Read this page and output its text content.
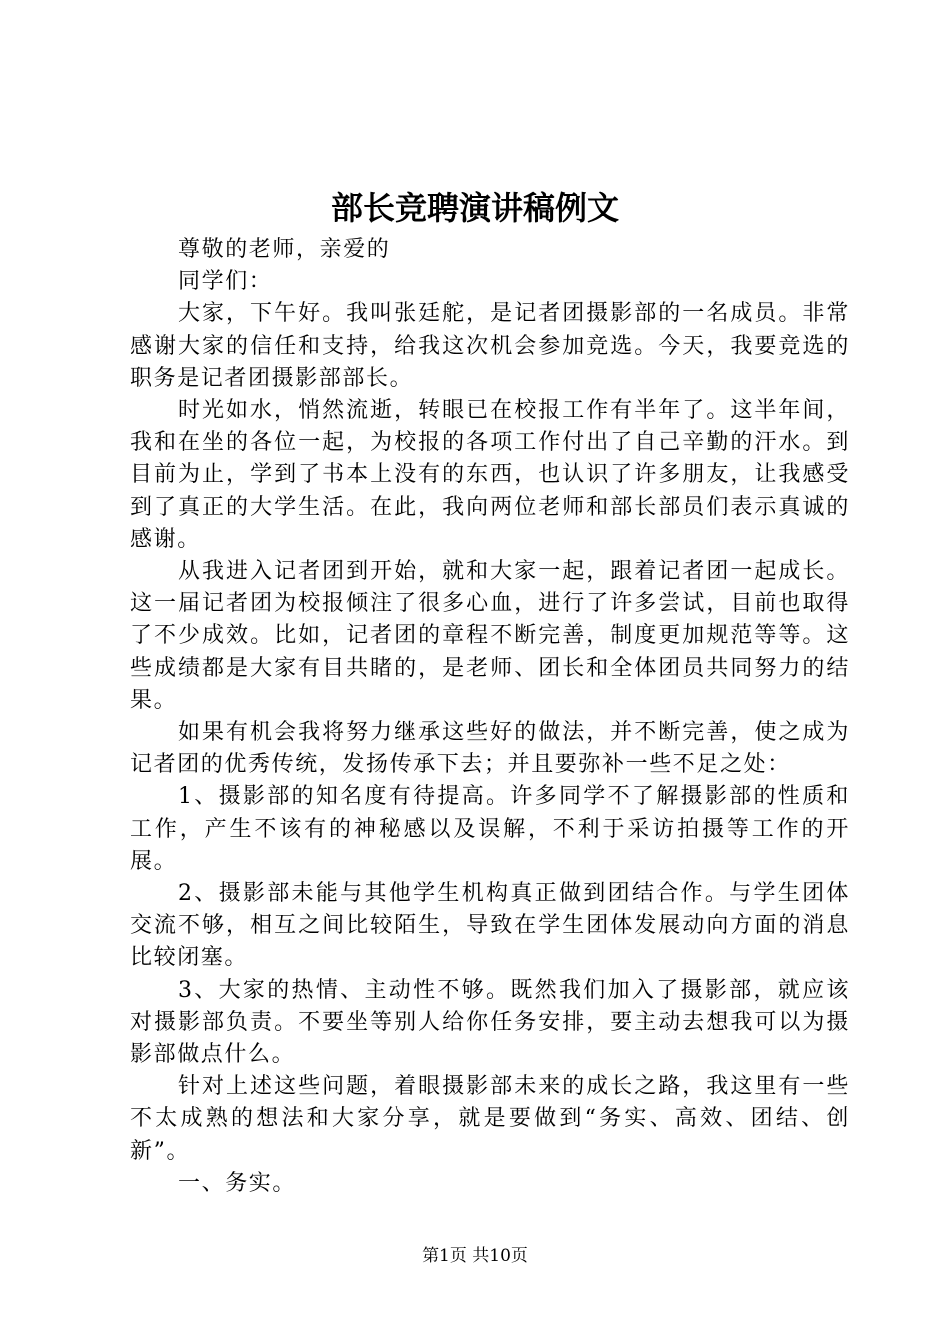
部长竞聘演讲稿例文

尊敬的老师，亲爱的

同学们：

大家，下午好。我叫张廷舵，是记者团摄影部的一名成员。非常感谢大家的信任和支持，给我这次机会参加竞选。今天，我要竞选的职务是记者团摄影部部长。

时光如水，悄然流逝，转眼已在校报工作有半年了。这半年间，我和在坐的各位一起，为校报的各项工作付出了自己辛勤的汗水。到目前为止，学到了书本上没有的东西，也认识了许多朋友，让我感受到了真正的大学生活。在此，我向两位老师和部长部员们表示真诚的感谢。

从我进入记者团到开始，就和大家一起，跟着记者团一起成长。这一届记者团为校报倾注了很多心血，进行了许多尝试，目前也取得了不少成效。比如，记者团的章程不断完善，制度更加规范等等。这些成绩都是大家有目共睹的，是老师、团长和全体团员共同努力的结果。

如果有机会我将努力继承这些好的做法，并不断完善，使之成为记者团的优秀传统，发扬传承下去；并且要弥补一些不足之处：

1、摄影部的知名度有待提高。许多同学不了解摄影部的性质和工作，产生不该有的神秘感以及误解，不利于采访拍摄等工作的开展。

2、摄影部未能与其他学生机构真正做到团结合作。与学生团体交流不够，相互之间比较陌生，导致在学生团体发展动向方面的消息比较闭塞。

3、大家的热情、主动性不够。既然我们加入了摄影部，就应该对摄影部负责。不要坐等别人给你任务安排，要主动去想我可以为摄影部做点什么。

针对上述这些问题，着眼摄影部未来的成长之路，我这里有一些不太成熟的想法和大家分享，就是要做到“务实、高效、团结、创新”。

一、务实。

第1页 共10页
